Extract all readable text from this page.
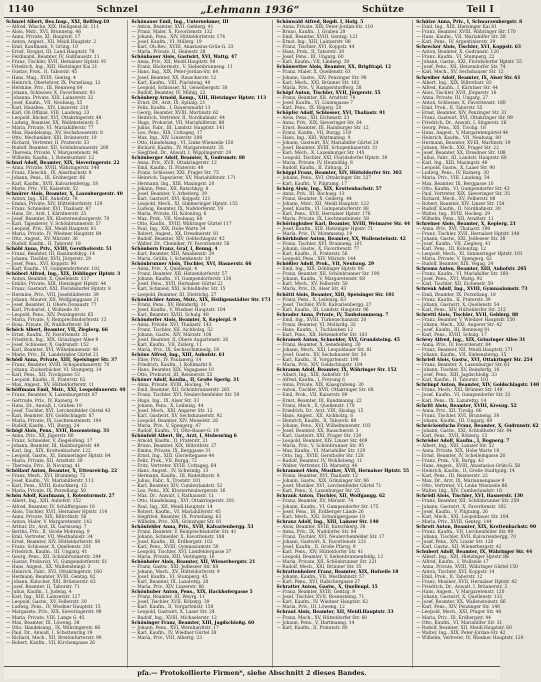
1140	Schnzel	„Lehmann 1936“	Schütze	Teil I
Schnzel Albert, Bez.Insp., XXI, Beltlwg.10
— Alfred, Wäsche, XIX, Heiligenst.St. 111
— Alois, Mstr., XVI, Brunneng. 46
— Anna, Private, XI, Hauptstr. 17
— Anton, Angest., XII, Meidl.Hauptstr. 2
— Emil, Kaufmann, V, Grüng. 10
— Ernst, Drogist, III, Land.Hauptstr. 78
— Ferdinand, Beamter, IV, Gußhausstr. 11
— Franz, Tischler, XVII, Hernalser Hptstr. 91
— Friedrich, Ing., XIII, Hietzinger Kai 21
— Gustav, Prok., II, Taborstr. 45
— Hans, Mag., XVIII, Gentzg. 4
— Heinrich, Oberlehrer, IX, Porzellang. 12
— Hermine, Priv., III, Rennweg 64
— Johann, Schlosser, X, Favoritenstr. 93
— Johanna, Private, XIII, Lainzerstr. 32
— Josef, Kaufm., VII, Neubaug. 55
— Karl, Hausbes., XIV, Linzerstr. 210
— Karl, Ob.Offizial, VIII, Laudong. 23
— Leopold, Bäcker, XVI, Ottakringerstr. 48
— Ludwig, Beamter, XX, Wallensteinstr. 5
— Maria, Private, VI, Mariahilferstr. 77
— Max, Handelsang., XV, Sechshauserstr. 8
— Otto, Mechaniker, XXI, Brünnerstr. 19
— Richard, Vertreter, II, Praterstr. 33
— Rudolf, Beamter, XII, Schönbrunnerstr. 200
— Theresia, Private, V, Margaretenstr. 96
— Wilhelm, Kaufm., I, Rotenturmstr. 12
Schnzl Adolf, Beamter, XIX, Sieveringerstr. 22
— Anna, Private, XVIII, Währingerstr. 140
— Franz, Fleischh., IX, Alserbachstr. 8
— Johann, Pens., III, Erdbergstr. 66
— Karl, Kaufm., XVII, Kalvarienbergg. 18
— Marie, Priv., VII, Kaiserstr. 52
Schnürer Alois, Beamter, X, Laxenburgerstr. 40
— Anton, Ing., XIII, Auhofstr. 78
— Emma, Private, XIV, Hütteldorferstr. 129
— Franz, Schneider, XVI, Thaliastr. 87
— Hans, Dr., Arzt, I, Kärntnerstr. 25
— Josef, Beamter, XX, Klosterneuburgerstr. 70
— Karl, Tapezierer, V, Schönbrunnerstr. 57
— Leopold, Priv., XII, Meidl.Hauptstr. 61
— Maria, Private, IV, Wiedner Hauptstr. 84
— Otto, Angest., XV, Märzstr. 36
— Rudolf, Kaufm., II, Taborstr. 18
Schöbl Anna, Priv., XVIII, Gersthoferstr. 51
— Franz, Beamter, III, Rasumofskyg. 14
— Johann, Tischler, XVII, Jörgerstr. 29
— Josef, Pens., XVI, Koppstr. 90
— Karl, Kaufm., VI, Gumpendorferstr. 102
Schöberl Alfred, Ing., XIX, Döblinger Hptstr. 3
— Anton, Beamter, X, Quellenstr. 117
— Emilie, Private, XIII, Hietzinger Hptstr. 44
— Franz, Gastwirt, XXI, Floridsdorfer Hptstr. 8
— Hermine, Priv., VIII, Josefstädterstr. 39
— Johann, Maurer, XII, Wolfganggasse 21
— Josef, Beamter, II, Obere Donaustr. 77
— Karl, Prokurist, I, Wollzeile 30
— Leopold, Pens., XIV, Penzingerstr. 65
— Maria, Private, V, Reinprechtsdorferstr. 13
— Rosa, Private, IX, Nußdorferstr. 56
Schöch Albert, Beamter, VII, Zieglerg. 66
— Ernst, Kaufm., IV, Favoritenstr. 31
— Friedrich, Ing., XIX, Grinzinger Allee 9
— Josef, Schlosser, X, Gudrunstr. 152
— Karl, Beamter, XVI, Wilhelminenstr. 48
— Marie, Priv., III, Landstraßer Gürtel 21
Schödl Anna, Private, XIII, Speisinger Str. 37
— Franz, Beamter, XVIII, Schopenhauerstr. 70
— Johann, Zuckerbäcker, VI, Stumperg. 14
— Karl, Pens., XII, Tivoligasse 53
— Leopold, Kaufm., II, Praterstr. 62
— Max, Angest., XV, Hütteldorferstr. 11
Schöffmann Emil, Mstr., XXI, Leopoldauerstr. 40
— Franz, Beamter, X, Laxenburgerstr. 87
— Gertrude, Priv., IV, Rainerg. 9
— Hans, Dr., Anwalt, I, Graben 19
— Josef, Tischler, XVI, Lerchenfelder Gürtel 43
— Karl, Beamter, XIV, Goldschlagstr. 87
— Maria, Private, IX, Liechtensteinstr. 104
— Rudolf, Kaufm., VII, Burgg. 24
Schögl Alois, Pens., XVII, Rosensteing. 33
— Anna, Priv., XX, Jägerstr. 60
— Franz, Schneider, V, Ziegelofeng. 17
— Johann, Beamter, III, Hainburgerstr. 49
— Karl, Ing., XIX, Krottenbachstr. 122
— Leopold, Gastw., XI, Simmeringer Hptstr. 84
— Maria, Private, XII, Arndtstr. 30
— Theresia, Priv., II, Novarag. 41
Schöllauf Anton, Beamter, X, Ettenreichg. 22
— Franz, Mech., XVI, Brunneng. 72
— Josef, Kaufm., VI, Mariahilferstr. 113
— Karl, Pens., XVIII, Kutschkerg. 15
— Maria, Private, IX, Porzellang. 50
Schön Adolf, Kaufmann, I, Rotenturmstr. 27
— Albert, Ing., XIII, Auhofstr. 152
— Alfred, Beamter, IV, Schäffergasse 18
— Alois, Tischler, XVII, Hernalser Hptstr. 114
— Anna, Private, XIX, Billrothstr. 58
— Anton, Maler, V, Margaretenstr. 142
— Arthur, Dr., Arzt, IX, Garnisong. 7
— Bertha, Priv., II, Große Mohreng. 9
— Emil, Vertreter, VII, Westbahnstr. 34
— Ernst, Beamter, XIV, Hütteldorferstr. 88
— Franz, Schlosser, X, Quellenstr. 201
— Friedrich, Kaufm., III, Ungarg. 41
— Georg, Pens., XII, Schönbrunnerstr. 244
— Gustav, Prokurist, VI, Gumpendorferstr. 61
— Hans, Angest., XX, Wallensteinpl. 3
— Heinrich, Fabr., XVI, Ottakringerstr. 160
— Hermann, Beamter, XVIII, Gentzg. 82
— Johann, Kutscher, XXI, Brünnerstr. 63
— Josef, Beamter, II, Taborstr. 71
— Julius, Kaufm., I, Judeng. 4
— Karl, Ing., XIII, Lainzerstr. 127
— Leopold, Gastw., XV, Felberstr. 20
— Ludwig, Pens., IV, Wiedner Hauptstr. 15
— Margarete, Priv., XIX, Sieveringerstr. 98
— Maria, Private, VIII, Lange G. 45
— Max, Beamter, III, Löweng. 38
— Otto, Handelsang., IX, Währingerstr. 66
— Paul, Dr., Anwalt, I, Schottenring 19
— Richard, Mech., XII, Breitenfurterstr. 99
— Robert, Kaufm., VII, Kirchengasse 26
Schönauer Emil, Ing., Unternehmer, III
— Anton, Beamter, XVII, Geblerg. 41
— Franz, Maler, X, Favoritenstr. 132
— Johann, Pens., XIV, Hütteldorferstr. 174
— Josef, Kaufm., VI, Millerg. 19
— Karl, Ob.Rev., XVIII, Anastasius-Grün-G. 33
— Maria, Private, II, Heinestr. 28
Schönbauer Alois, Gastwirt, XVI, Wattg. 47
— Anna, Priv., XII, Meidl.Hauptstr. 98
— Franz, Bäckermstr., V, Siebenbrunneng. 11
— Hans, Ing., XIX, Peter-Jordan-Str. 64
— Josef, Beamter, XX, Rauscherstr. 12
— Karl, Kaufm., VIII, Piaristeng. 40
— Leopold, Schlosser, XI, Geiselbergstr. 30
— Rudolf, Beamter, IV, Mühlg. 22
Schönberg Arnold, Komp., XIII, Hietzinger Hptstr. 113
— Ernst, Dr., Arzt, IX, Spitalg. 21
— Felix, Kaufm., I, Bauernmarkt 13
— Georg, Beamter, XVIII, Martinstr. 62
— Heinrich, Vertreter, II, Nordbahnstr. 44
— Hugo, Prokurist, VII, Mariahilferstr. 88
— Julius, Fabr., III, Landstr. Hauptstr. 141
— Leo, Pens., XIX, Cottageg. 17
— Max, Ing., XIV, Linzerstr. 298
— Otto, Handelsang., VI, Linke Wienzeile 150
— Richard, Kaufm., IV, Margaretenstr. 35
— Siegfried, Dr., Anwalt, I, Wipplingerstr. 29
Schönberger Adolf, Beamter, X, Gudrunstr. 88
— Anna, Priv., XVII, Ottakringerstr. 12
— Emil, Kaufm., II, Praterstr. 48
— Franz, Schlosser, XXI, Prager Str. 75
— Heinrich, Tapezierer, XV, Mariahilferstr. 171
— Hermann, Ing., XIII, Maxingstr. 20
— Johann, Pens., XII, Ratschkyg. 8
— Josef, Beamter, V, Arbeiterg. 39
— Karl, Gastwirt, XVI, Koppstr. 121
— Leopold, Mech., XI, Simmeringer Hptstr. 155
— Ludwig, Beamter, IX, Nußdorferstr. 19
— Maria, Private, III, Kolonitzg. 6
— Max, Prok., VII, Neubaug. 68
— Otto, Kaufm., XVIII, Währinger Gürtel 117
— Paul, Ing., XIX, Hohe Warte 34
— Robert, Angest., XX, Dresdnerstr. 81
— Rudolf, Beamter, XIV, Goldschlagstr. 42
— Walter, Dr., Chemiker, IV, Favoritenstr. 58
Schönborn Franz, Graf, I, Renng. 4
— Karl, Beamter, XIII, Amalienstr. 29
— Maria, Gräfin, I, Schenkenstr. 10
Schönbrunner Alois, Tischler, XVI, Hasnerstr. 66
— Anna, Priv., X, Quellenpl. 4
— Franz, Beamter, XII, Hetzendorferstr. 57
— Johann, Kaufm., VI, Gumpendorferstr. 130
— Josef, Pens., XVII, Hernalser Gürtel 22
— Karl, Schmied, XXI, Schloßhofer Str. 15
— Leopold, Beamter, III, Dietrichg. 27
Schönbichler Anton, Mstr., XIX, Heiligenstädter Str. 173
— Franz, Pens., XV, Reindorfg. 31
— Josef, Kaufm., V, Wiedner Hauptstr. 104
— Karl, Beamter, XVIII, Schulg. 48
Schöndorfer Alois, Beamter, X, Keplerpl. 9
— Anna, Private, XVI, Thaliastr. 143
— Franz, Tischler, XII, Aichholzg. 52
— Johann, Gastw., XIV, Märzstr. 108
— Josef, Beamter, II, Obere Augartenstr. 26
— Karl, Kaufm., VII, Zollerg. 11
— Maria, Priv., IX, Sechsschimmelg. 18
Schöne Alfred, Ing., XIII, Auhofstr. 61
— Elise, Priv., IV, Paulanerg. 14
— Friedrich, Kaufm., I, Kohlmarkt 8
— Hans, Beamter, XIX, Vegagasse 10
— Otto, Prokurist, III, Reisnerstr. 55
Schöner Adolf, Kaufm., II, Große Sperlg. 31
— Anna, Private, XVIII, Hockeg. 74
— Emil, Beamter, XII, Schönbrunnerstr. 283
— Franz, Tischler, XVI, Neulerchenfelder Str. 59
— Hugo, Ing., IX, Alser Str. 33
— Johann, Pens., X, Leibnizg. 44
— Josef, Mech., XXI, Angerer Str. 12
— Karl, Gastwirt, XV, Sechshauserstr. 92
— Leopold, Beamter, XIV, Meiselstr. 26
— Maria, Priv., V, Spengerg. 47
— Rudolf, Kaufm., VI, Otto-Bauer-G. 19
Schönfeld Albert, Dr., Arzt, I, Stubenring 6
— Arnold, Kaufm., II, Praterstr. 21
— Bruno, Beamter, XIX, Billrothstr. 27
— Emma, Private, IX, Berggasse 31
— Ernst, Ing., XIII, Gloriettegasse 44
— Felix, Prok., VII, Burgg. 72
— Fritz, Vertreter, XVIII, Cottageg. 64
— Hans, Angest., IV, Schwindg. 13
— Hermann, Kaufm., III, Radetzkystr. 8
— Julius, Fabr., X, Troststr. 101
— Karl, Beamter, XIV, Cumberlandstr. 52
— Leo, Pens., XX, Klosterneuburgerstr. 16
— Max, Dr., Anwalt, I, Rathausstr. 11
— Otto, Handelsang., XVI, Ottakringerstr. 201
— Paul, Ing., XII, Meidl.Hauptstr. 14
— Robert, Kaufm., VI, Mariahilferstr. 45
— Siegfried, Beamter, IX, Porzellang. 63
— Wilhelm, Priv., XIX, Grinzinger Str. 81
Schönfelder Anna, Priv., XVII, Kalvarienbergg. 53
— Franz, Beamter, V, Reinprechtsdorfer Str. 41
— Johann, Schneider, X, Favoritenstr. 188
— Josef, Kaufm., III, Erdbergstr. 102
— Karl, Pens., XVIII, Gymnasiumstr. 50
— Leopold, Tischler, XVI, Lienfeldergasse 37
— Maria, Private, XIII, Veitingerg. 16
Schönhofer Alois, Beamter, XII, Wienerbergstr. 21
— Franz, Gastw., XXI, Jedleseer Str. 68
— Johann, Mech., XV, Hütteldorferstr. 9
— Josef, Kaufm., VI, Stumperg. 45
— Karl, Beamter, IX, Lazarettg. 28
— Maria, Priv., XIV, Linzerstr. 66
Schönhuber Anton, Pens., XIX, Hackhofergasse 5
— Franz, Beamter, III, Weyrg. 11
— Josef, Tischler, XVII, Rötzerg. 39
— Karl, Kaufm., II, Vorgartenstr. 158
— Leopold, Gastwirt, X, Laaer Str. 24
— Rudolf, Ing., XVIII, Michaelerstr. 12
Schöninger Franz, Beamter, XIII, Jagdschloßg. 60
— Johann, Pens., XVI, Wernhardtstr. 17
— Karl, Kaufm., IV, Wiedner Gürtel 38
— Maria, Priv., VIII, Albertg. 23
Schönwald Alfred, Regdi. I, Hofg. 5
— Anna, Private, XIX, Peter-Jordan-Str. 110
— Bruno, Kaufm., I, Graben 28
— Emil, Beamter, XVIII, Gentzg. 121
— Ernst, Ing., XIII, Lainzerstr. 88
— Franz, Tischler, XVI, Koppstr. 44
— Hans, Prok., II, Taborstr. 30
— Josef, Pens., III, Ungarg. 60
— Karl, Kaufm., VII, Lindeng. 39
Schönwetter Alois, Beamter, XX, Brigittapl. 12
— Franz, Maler, X, Quellenstr. 63
— Johann, Gastw., XIV, Penzinger Str. 98
— Karl, Mech., XXI, Brünner Str. 102
— Maria, Priv., V, Ramperstorfferg. 28
Schöpf Anton, Tischler, XVII, Jörgerstr. 55
— Franz, Beamter, XII, Arndtstr. 78
— Josef, Kaufm., VI, Liniengasse 7
— Karl, Pens., IX, Rögerg. 20
Schöpfer Adolf, Schlosser, XVI, Thaliastr. 91
— Alois, Pens., XII, Eichenstr. 33
— Anna, Priv., XIX, Sieveringer Str. 64
— Ernst, Beamter, III, Hainburger Str. 12
— Franz, Kaufm., VII, Burgg. 118
— Hans, Ing., XIII, Wattmanng. 9
— Johann, Gastwirt, XV, Mariahilfer Gürtel 24
— Josef, Beamter, XVIII, Schopenhauerstr. 31
— Karl, Mech., X, Laxenburger Str. 145
— Leopold, Tischler, XXI, Floridsdorfer Hptstr. 39
— Maria, Private, IV, Heumühlg. 8
— Rudolf, Kaufm., II, Zirkusg. 21
Schöppl Franz, Beamter, XIV, Hütteldorfer Str. 302
— Johann, Pens., XVI, Ottakringer Str. 227
— Karl, Kaufm., V, Pilgramg. 17
Schörg Alois, Ing., XIX, Krottenbachstr. 57
— Anna, Priv., III, Rochusg. 13
— Franz, Beamter, X, Gellertg. 44
— Johann, Mstr., XII, Meidl.Hauptstr. 122
— Josef, Kaufm., VI, Gumpendorferstr. 88
— Karl, Pens., XVII, Hernalser Hptstr. 176
— Maria, Private, IX, Liechtensteinstr. 58
Schöringhuber Karl, Beamter, XVIII, Weimarer Str. 44
— Josef, Kaufm., XIII, Hietzinger Hptstr. 71
— Maria, Priv., IV, Mommseng. 19
Schörkhuber Anton, Beamter, XX, Wallensteinstr. 42
— Franz, Tischler, XVI, Brunneng. 101
— Johann, Gastw., X, Favoritenstr. 77
— Karl, Kaufm., II, Praterstr. 56
— Leopold, Pens., XIV, Märzstr. 144
Schößler Adolf, Prok., VII, Neubaug. 29
— Emil, Ing., XIX, Döblinger Hptstr. 80
— Franz, Beamter, XII, Schönbrunner Str. 190
— Johann, Kaufm., V, Margaretenstr. 68
— Karl, Mech., XV, Felberstr. 50
— Maria, Priv., IX, Alser Str. 43
Schöttl Alois, Beamter, XIII, Speisinger Str. 101
— Franz, Pens., X, Leibnizg. 63
— Josef, Tischler, XVII, Kalvarienbergg. 27
— Karl, Kaufm., III, Landstr. Hauptstr. 96
Schrader Anna, Private, IV, Taubstummeng. 7
— Emil, Ing., XVIII, Türkenschanzstr. 20
— Franz, Beamter, VI, Mollardg. 33
— Hans, Kaufm., I, Tuchlauben 12
— Karl, Pens., XII, Hetzendorfer Str. 103
Schramek Anton, Schneider, XVI, Grundsteing. 45
— Franz, Beamter, X, Senefelderg. 30
— Johann, Mech., XXI, Leopoldauer Str. 81
— Josef, Gastw., XV, Sechshauser Str. 54
— Karl, Kaufm., II, Vorgartenstr. 190
— Maria, Priv., XIV, Goldschlagstr. 104
Schramm Adolf, Beamter, IX, Währinger Str. 152
— Albert, Ing., XIII, Auhofstr. 19
— Alfred, Kaufm., I, Freyung 6
— Anna, Private, XIX, Kaasgrabeng. 30
— Anton, Tischler, XVII, Ottakringer Str. 68
— Emil, Prok., VII, Kaiserstr. 99
— Ernst, Beamter, III, Kundmanng. 22
— Franz, Mech., X, Quellenstr. 170
— Friedrich, Dr., Arzt, VIII, Skodag. 15
— Hans, Angest., XII, Aichholzg. 6
— Heinrich, Kaufm., II, Taborstr. 88
— Johann, Pens., XVI, Wilhelminenstr. 103
— Josef, Beamter, XX, Rauscherstr. 3
— Karl, Gastwirt, XXI, Prager Str. 130
— Leopold, Beamter, XIV, Linzer Str. 409
— Maria, Priv., V, Schönbrunner Str. 95
— Max, Kaufm., VI, Mariahilfer Str. 129
— Otto, Ing., XVIII, Gersthofer Str. 128
— Rudolf, Beamter, IV, Wohllebeng. 11
— Walter, Vertreter, III, Marxerg. 40
Schrammel Alois, Musiker, XVII, Hernalser Hptstr. 55
— Franz, Beamter, XVI, Thaliastr. 12
— Johann, Gastw., XIX, Grinzinger Str. 66
— Josef, Musiker, XVI, Lerchenfelder Gürtel 71
— Karl, Pens., X, Laxenburger Str. 25
Schrank Anton, Tischler, XII, Wolfgangg. 62
— Franz, Beamter, XV, Märzstr. 74
— Johann, Kaufm., VI, Gumpendorfer Str. 175
— Josef, Pens., III, Erdberger Lände 26
— Karl, Mech., XXI, Schwaigergasse 18
Schranz Adolf, Ing., XIII, Lainzer Str. 140
— Alois, Beamter, XVIII, Kutschkerg. 38
— Anna, Priv., IX, Nußdorfer Str. 84
— Franz, Tischler, XVI, Neulerchenfelder Str. 17
— Johann, Gastwirt, X, Favoritenstr. 221
— Josef, Kaufm., II, Große Pfarrg. 9
— Karl, Pens., XIV, Hütteldorfer Str. 41
— Leopold, Beamter, V, Siebenbrunnenfeldg. 12
— Maria, Private, XII, Schönbrunner Str. 221
— Rudolf, Mech., XXI, Brünner Str. 35
Schrattenholzer Franz, Beamter, XIX, Hofzeile 18
— Johann, Kaufm., VII, Westbahnstr. 57
— Karl, Pens., XVI, Habichergasse 27
Schratter Anton, Gastw., X, Quellenpl. 15
— Franz, Beamter, XVIII, Gentzg. 9
— Josef, Tischler, XVII, Rosensteing. 71
— Karl, Kaufm., IV, Wiedner Hauptstr. 62
— Maria, Priv., III, Löweng. 12
Schraut Alois, Beamter, XII, Meidl.Hauptstr. 33
— Franz, Mech., XV, Hütteldorfer Str. 60
— Johann, Pens., V, Hartmanng. 14
— Karl, Kaufm., II, Praterstr. 80
Schütze Anna, Priv., I, Schwarzenbergstr. 8
— Emil, Ing., XIII, Hietzinger Kai 81
— Franz, Beamter, XVIII, Währinger Str. 170
— Hans, Kaufm., VII, Mariahilfer Str. 58
— Karl, Pens., IV, Argentinierstr. 39
Schrecker Alois, Tischler, XVI, Koppstr. 63
— Anton, Beamter, X, Gudrunstr. 120
— Franz, Kaufm., VI, Stumperg. 22
— Johann, Gastw., XXI, Floridsdorfer Hptstr. 55
— Josef, Pens., XII, Hetzendorfer Str. 74
— Karl, Mech., XV, Sechshauser Str. 12
Schreiber Adolf, Beamter, IX, Alser Str. 61
— Albert, Ing., XIX, Billrothstr. 83
— Alfred, Kaufm., I, Kärntner Str. 44
— Alois, Tischler, XVII, Jörgerstr. 16
— Anna, Private, III, Ungarg. 27
— Anton, Schlosser, X, Favoritenstr. 160
— Emil, Prok., II, Taborstr. 55
— Ernst, Beamter, XIV, Penzinger Str. 31
— Franz, Gastwirt, XVI, Ottakringer Str. 99
— Friedrich, Dr., Anwalt, I, Singerstr. 16
— Georg, Pens., XII, Tivolig. 18
— Hans, Angest., V, Margaretengürtel 44
— Heinrich, Kaufm., VII, Neubaug. 80
— Hermann, Beamter, XVIII, Martinstr. 19
— Johann, Mech., XXI, Prager Str. 22
— Josef, Beamter, XX, Dresdner Str. 108
— Julius, Fabr., III, Landstr. Hauptstr. 60
— Karl, Ing., XIII, Maxingstr. 48
— Leopold, Gastw., X, Laaer Str. 90
— Ludwig, Pens., IV, Rainerg. 30
— Maria, Priv., VIII, Laudong. 54
— Max, Beamter, IX, Berggasse 10
— Otto, Kaufm., VI, Gumpendorfer Str. 43
— Paul, Vertreter, XIX, Sieveringer Str. 35
— Richard, Mech., XV, Felberstr. 88
— Robert, Beamter, XIV, Linzer Str. 154
— Rudolf, Kaufm., II, Nordbahnstr. 30
— Walter, Ing., XVIII, Hockeg. 29
— Wilhelm, Pens., XII, Arndtstr. 11
Schreiner Alois, Beamter, X, Keplerg. 21
— Anna, Priv., XVI, Thaliastr. 199
— Franz, Tischler, XVII, Hernalser Hptstr. 140
— Johann, Gastw., XXI, Jedleseer Str. 30
— Josef, Kaufm., VII, Zieglerg. 41
— Karl, Pens., III, Kolonitzg. 12
— Leopold, Mech., XI, Simmeringer Hptstr. 101
— Maria, Private, V, Spengerg. 62
— Rudolf, Beamter, XIX, Vegag. 24
Schrems Anton, Beamter, XIII, Auhofstr. 205
— Franz, Kaufm., VI, Mariahilfer Str. 160
— Josef, Pens., XVI, Wattg. 92
— Karl, Tischler, XII, Eichenstr. 59
Schrenk Adolf, Ing., XVIII, Gymnasiumstr. 73
— Emil, Beamter, IX, Porzellang. 18
— Franz, Kaufm., II, Praterstr. 39
— Johann, Gastwirt, X, Quellenstr. 54
— Karl, Pens., XIV, Hütteldorfer Str. 212
Schrettl Alois, Tischler, XVII, Geblerg. 88
— Franz, Beamter, V, Wiedner Hauptstr. 150
— Johann, Mech., XXI, Angerer Str. 42
— Josef, Kaufm., III, Rennweg 81
— Karl, Pens., XVIII, Schulg. 17
Schrey Alfred, Ing., XIX, Grinzinger Allee 31
— Anna, Priv., IV, Favoritenstr. 84
— Franz, Beamter, XII, Meidl.Hauptstr. 171
— Johann, Kaufm., VII, Siebensterng. 15
Schriefl Alois, Gastw., XVI, Ottakringer Str. 254
— Franz, Beamter, X, Laxenburger Str. 61
— Johann, Tischler, XV, Reindorfg. 18
— Josef, Pens., XIII, Jagdschloßg. 33
— Karl, Kaufm., II, Taborstr. 101
Schrimpf Anton, Beamter, XIV, Goldschlagstr. 140
— Franz, Mech., XXI, Brünner Str. 148
— Josef, Kaufm., VI, Gumpendorfer Str. 21
— Karl, Pens., IX, Lazarettg. 14
Schritt Alois, Beamter, XVIII, Kreuzg. 52
— Anna, Priv., XII, Tivolig. 66
— Franz, Tischler, XVI, Brunneng. 38
— Johann, Kaufm., III, Ungarg. 89
Schröckenfuchs Franz, Beamter, X, Gudrunstr. 62
— Johann, Gastw., XXI, Schloßhofer Str. 44
— Karl, Pens., XVII, Rötzerg. 12
Schröder Adolf, Kaufm., I, Bognerg. 7
— Albert, Ing., XIII, Lainzer Str. 52
— Anna, Private, XIX, Hohe Warte 18
— Ernst, Beamter, IV, Schelleingasse 26
— Franz, Prok., VII, Burgg. 43
— Hans, Angest., XVIII, Anastasius-Grün-G. 58
— Heinrich, Kaufm., II, Große Stadtgutg. 14
— Karl, Pens., III, Reisnerstr. 22
— Max, Dr., Arzt, IX, Mariannengasse 9
— Otto, Vertreter, VI, Linke Wienzeile 86
— Walter, Ing., XIV, Cumberlandstr. 18
Schrödl Alois, Tischler, XVI, Hasnerstr. 130
— Franz, Beamter, XII, Schönbrunner Str. 259
— Johann, Gastwirt, X, Favoritenstr. 102
— Josef, Kaufm., V, Pilgramg. 26
— Karl, Mech., XXI, Leopoldauer Str. 104
— Maria, Priv., XVIII, Gentzg. 144
Schrott Anton, Beamter, XIX, Krottenbachstr. 90
— Franz, Kaufm., VII, Lerchenfelder Str. 99
— Johann, Tischler, XVII, Kalvarienbergg. 70
— Josef, Pens., XIV, Linzer Str. 128
— Karl, Gastw., XII, Wienerbergstr. 42
Schubert Adolf, Beamter, IX, Währinger Str. 44
— Albert, Ing., XIII, Hietzinger Hptstr. 88
— Alfred, Kaufm., I, Wollzeile 17
— Anna, Private, XVIII, Währinger Gürtel 150
— Anton, Tischler, XVI, Koppstr. 14
— Emil, Prok., II, Taborstr. 12
— Franz, Musiker, XVII, Hernalser Hptstr. 42
— Friedrich, Dr., Anwalt, I, Bräunerstr. 3
— Hans, Angest., V, Margaretenstr. 120
— Johann, Gastwirt, X, Quellenstr. 132
— Josef, Beamter, XX, Wallensteinstr. 66
— Karl, Pens., XIV, Penzinger Str. 148
— Leopold, Mech., XXI, Prager Str. 48
— Maria, Priv., III, Erdbergstr. 44
— Otto, Kaufm., VI, Mariahilfer Str. 31
— Rudolf, Beamter, XII, Meidl.Hauptstr. 60
— Walter, Ing., XIX, Peter-Jordan-Str. 42
— Wilhelm, Vertreter, IV, Wiedner Hauptstr. 120
pfa.— Protokollierte Firmen*, siehe Abschnitt 2 dieses Bandes.
